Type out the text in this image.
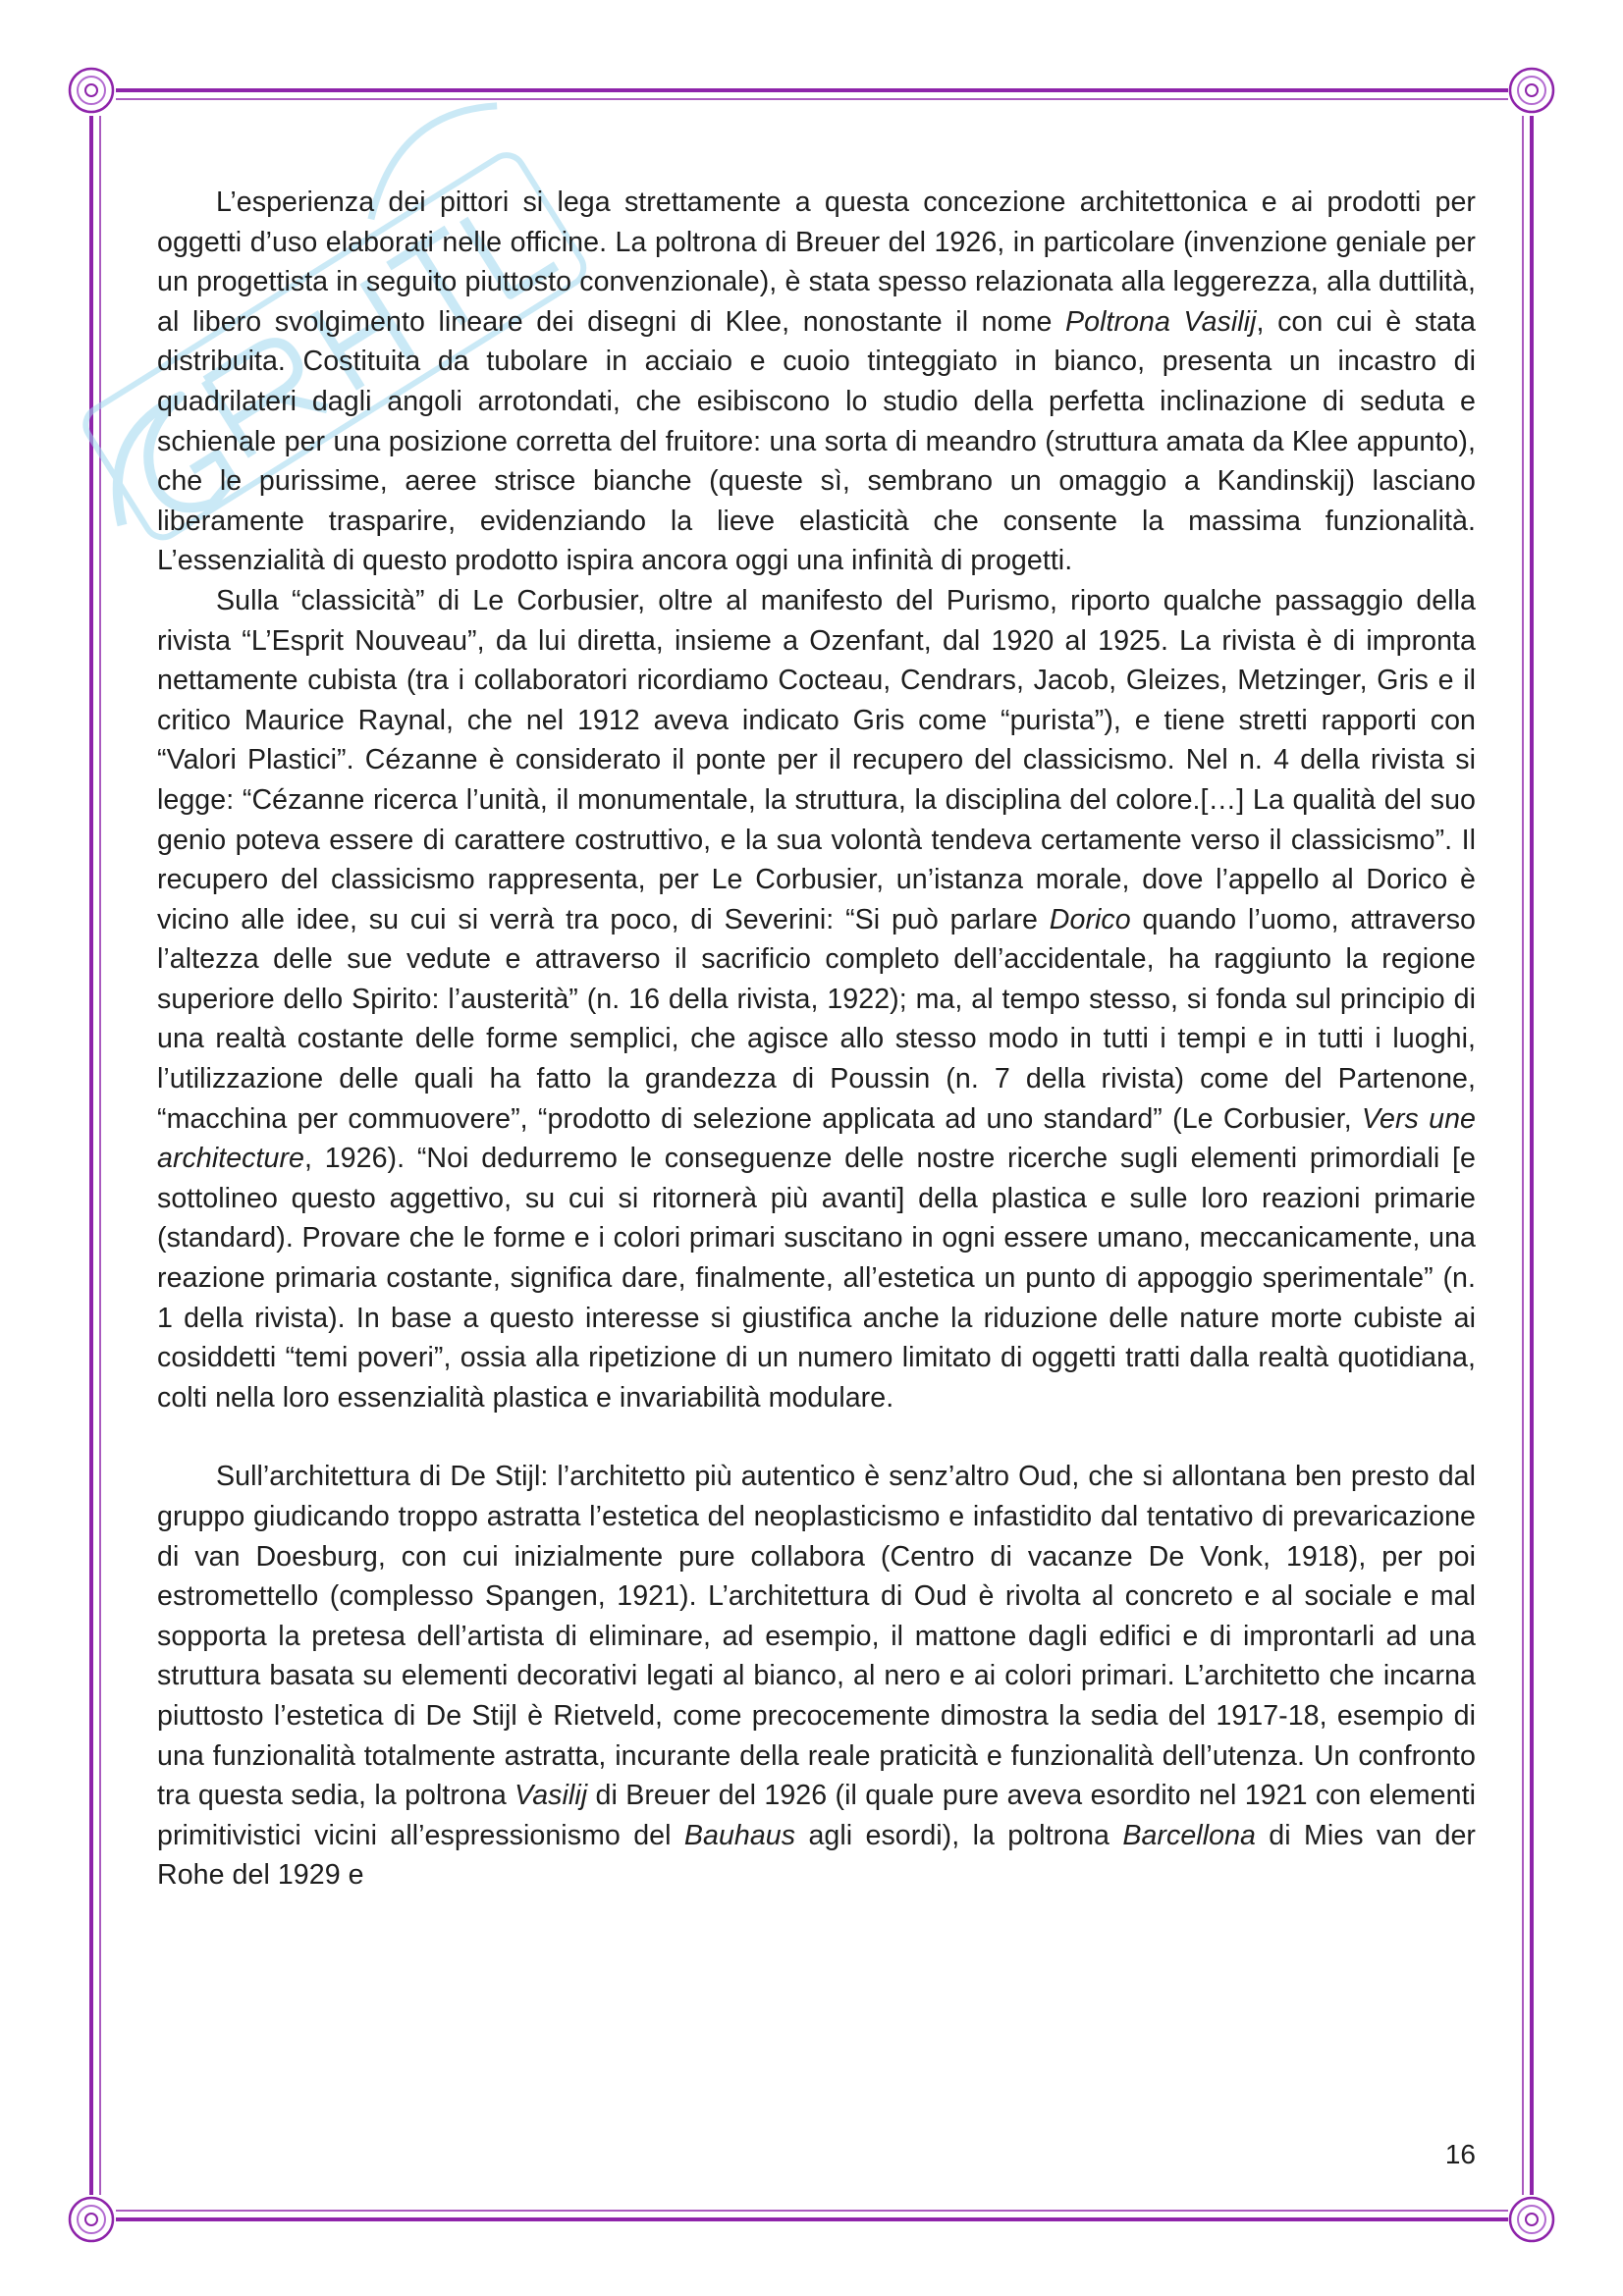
L’esperienza dei pittori si lega strettamente a questa concezione architettonica e ai prodotti per oggetti d’uso elaborati nelle officine. La poltrona di Breuer del 1926, in particolare (invenzione geniale per un progettista in seguito piuttosto convenzionale), è stata spesso relazionata alla leggerezza, alla duttilità, al libero svolgimento lineare dei disegni di Klee, nonostante il nome Poltrona Vasilij, con cui è stata distribuita. Costituita da tubolare in acciaio e cuoio tinteggiato in bianco, presenta un incastro di quadrilateri dagli angoli arrotondati, che esibiscono lo studio della perfetta inclinazione di seduta e schienale per una posizione corretta del fruitore: una sorta di meandro (struttura amata da Klee appunto), che le purissime, aeree strisce bianche (queste sì, sembrano un omaggio a Kandinskij) lasciano liberamente trasparire, evidenziando la lieve elasticità che consente la massima funzionalità. L’essenzialità di questo prodotto ispira ancora oggi una infinità di progetti.

Sulla “classicità” di Le Corbusier, oltre al manifesto del Purismo, riporto qualche passaggio della rivista “L’Esprit Nouveau”, da lui diretta, insieme a Ozenfant, dal 1920 al 1925. La rivista è di impronta nettamente cubista (tra i collaboratori ricordiamo Cocteau, Cendrars, Jacob, Gleizes, Metzinger, Gris e il critico Maurice Raynal, che nel 1912 aveva indicato Gris come “purista”), e tiene stretti rapporti con “Valori Plastici”. Cézanne è considerato il ponte per il recupero del classicismo. Nel n. 4 della rivista si legge: “Cézanne ricerca l’unità, il monumentale, la struttura, la disciplina del colore.[…] La qualità del suo genio poteva essere di carattere costruttivo, e la sua volontà tendeva certamente verso il classicismo”. Il recupero del classicismo rappresenta, per Le Corbusier, un’istanza morale, dove l’appello al Dorico è vicino alle idee, su cui si verrà tra poco, di Severini: “Si può parlare Dorico quando l’uomo, attraverso l’altezza delle sue vedute e attraverso il sacrificio completo dell’accidentale, ha raggiunto la regione superiore dello Spirito: l’austerità” (n. 16 della rivista, 1922); ma, al tempo stesso, si fonda sul principio di una realtà costante delle forme semplici, che agisce allo stesso modo in tutti i tempi e in tutti i luoghi, l’utilizzazione delle quali ha fatto la grandezza di Poussin (n. 7 della rivista) come del Partenone, “macchina per commuovere”, “prodotto di selezione applicata ad uno standard” (Le Corbusier, Vers une architecture, 1926). “Noi dedurremo le conseguenze delle nostre ricerche sugli elementi primordiali [e sottolineo questo aggettivo, su cui si ritornerà più avanti] della plastica e sulle loro reazioni primarie (standard). Provare che le forme e i colori primari suscitano in ogni essere umano, meccanicamente, una reazione primaria costante, significa dare, finalmente, all’estetica un punto di appoggio sperimentale” (n. 1 della rivista). In base a questo interesse si giustifica anche la riduzione delle nature morte cubiste ai cosiddetti “temi poveri”, ossia alla ripetizione di un numero limitato di oggetti tratti dalla realtà quotidiana, colti nella loro essenzialità plastica e invariabilità modulare.

Sull’architettura di De Stijl: l’architetto più autentico è senz’altro Oud, che si allontana ben presto dal gruppo giudicando troppo astratta l’estetica del neoplasticismo e infastidito dal tentativo di prevaricazione di van Doesburg, con cui inizialmente pure collabora (Centro di vacanze De Vonk, 1918), per poi estromettello (complesso Spangen, 1921). L’architettura di Oud è rivolta al concreto e al sociale e mal sopporta la pretesa dell’artista di eliminare, ad esempio, il mattone dagli edifici e di improntarli ad una struttura basata su elementi decorativi legati al bianco, al nero e ai colori primari. L’architetto che incarna piuttosto l’estetica di De Stijl è Rietveld, come precocemente dimostra la sedia del 1917-18, esempio di una funzionalità totalmente astratta, incurante della reale praticità e funzionalità dell’utenza. Un confronto tra questa sedia, la poltrona Vasilij di Breuer del 1926 (il quale pure aveva esordito nel 1921 con elementi primitivistici vicini all’espressionismo del Bauhaus agli esordi), la poltrona Barcellona di Mies van der Rohe del 1929 e

16
